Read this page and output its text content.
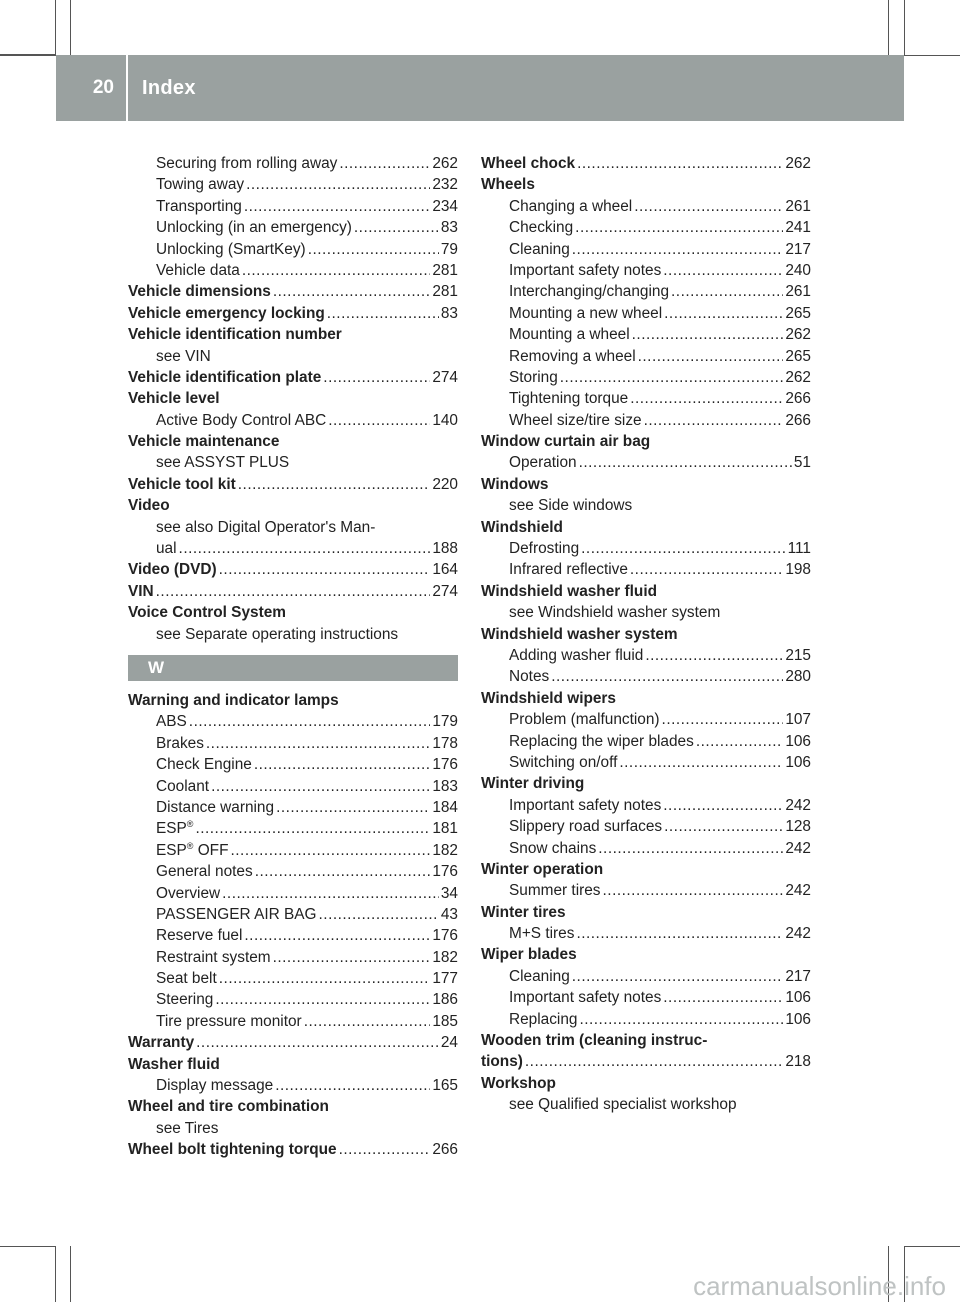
20	Index
Securing from rolling away .....	262
Towing away .....	232
Transporting .....	234
Unlocking (in an emergency) .....	83
Unlocking (SmartKey) .....	79
Vehicle data .....	281
Vehicle dimensions .....	281
Vehicle emergency locking .....	83
Vehicle identification number
see VIN
Vehicle identification plate .....	274
Vehicle level
Active Body Control ABC .....	140
Vehicle maintenance
see ASSYST PLUS
Vehicle tool kit .....	220
Video
see also Digital Operator's Man-
ual .....	188
Video (DVD) .....	164
VIN .....	274
Voice Control System
see Separate operating instructions
W
Warning and indicator lamps
ABS .....	179
Brakes .....	178
Check Engine .....	176
Coolant .....	183
Distance warning .....	184
ESP® .....	181
ESP® OFF .....	182
General notes .....	176
Overview .....	34
PASSENGER AIR BAG .....	43
Reserve fuel .....	176
Restraint system .....	182
Seat belt .....	177
Steering .....	186
Tire pressure monitor .....	185
Warranty .....	24
Washer fluid
Display message .....	165
Wheel and tire combination
see Tires
Wheel bolt tightening torque .....	266
Wheel chock .....	262
Wheels
Changing a wheel .....	261
Checking .....	241
Cleaning .....	217
Important safety notes .....	240
Interchanging/changing .....	261
Mounting a new wheel .....	265
Mounting a wheel .....	262
Removing a wheel .....	265
Storing .....	262
Tightening torque .....	266
Wheel size/tire size .....	266
Window curtain air bag
Operation .....	51
Windows
see Side windows
Windshield
Defrosting .....	111
Infrared reflective .....	198
Windshield washer fluid
see Windshield washer system
Windshield washer system
Adding washer fluid .....	215
Notes .....	280
Windshield wipers
Problem (malfunction) .....	107
Replacing the wiper blades .....	106
Switching on/off .....	106
Winter driving
Important safety notes .....	242
Slippery road surfaces .....	128
Snow chains .....	242
Winter operation
Summer tires .....	242
Winter tires
M+S tires .....	242
Wiper blades
Cleaning .....	217
Important safety notes .....	106
Replacing .....	106
Wooden trim (cleaning instruc-
tions) .....	218
Workshop
see Qualified specialist workshop
carmanualsonline.info
